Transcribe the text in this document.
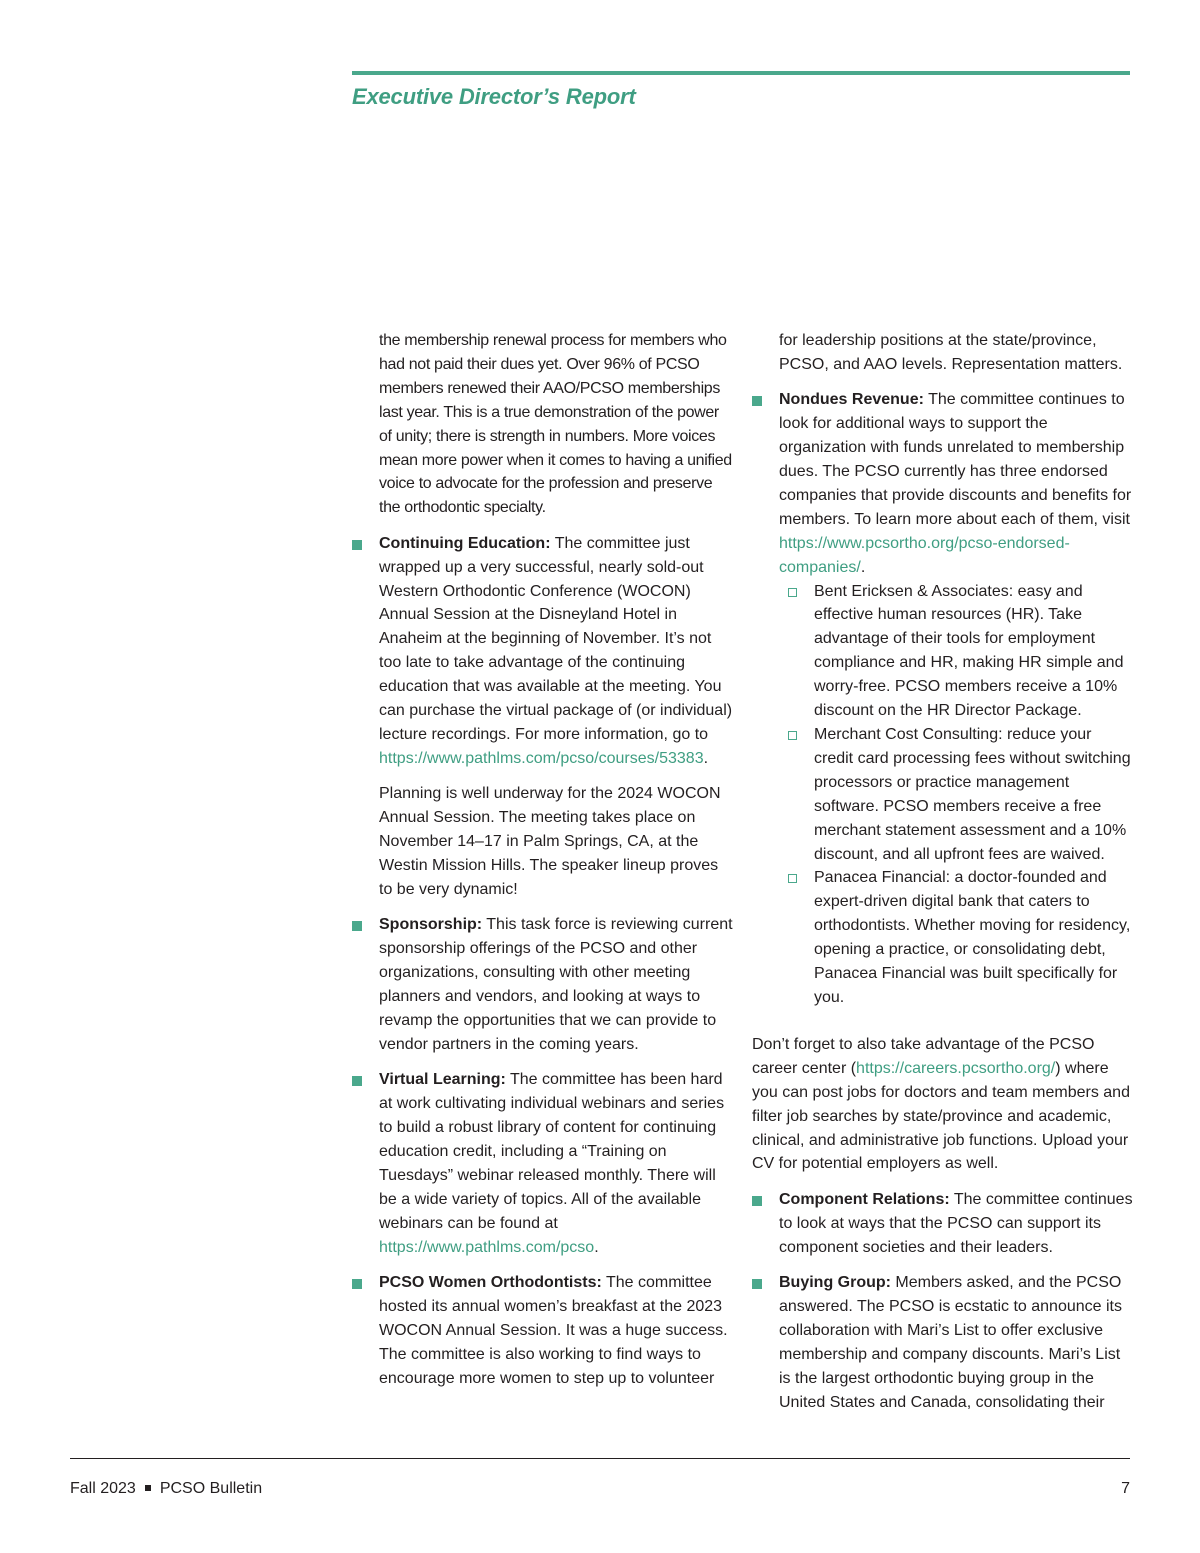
Executive Director’s Report

the membership renewal process for members who had not paid their dues yet. Over 96% of PCSO members renewed their AAO/PCSO memberships last year. This is a true demonstration of the power of unity; there is strength in numbers. More voices mean more power when it comes to having a unified voice to advocate for the profession and preserve the orthodontic specialty.

Continuing Education: The committee just wrapped up a very successful, nearly sold-out Western Orthodontic Conference (WOCON) Annual Session at the Disneyland Hotel in Anaheim at the beginning of November. It’s not too late to take advantage of the continuing education that was available at the meeting. You can purchase the virtual package of (or individual) lecture recordings. For more information, go to https://www.pathlms.com/pcso/courses/53383.
Planning is well underway for the 2024 WOCON Annual Session. The meeting takes place on November 14–17 in Palm Springs, CA, at the Westin Mission Hills. The speaker lineup proves to be very dynamic!
Sponsorship: This task force is reviewing current sponsorship offerings of the PCSO and other organizations, consulting with other meeting planners and vendors, and looking at ways to revamp the opportunities that we can provide to vendor partners in the coming years.
Virtual Learning: The committee has been hard at work cultivating individual webinars and series to build a robust library of content for continuing education credit, including a “Training on Tuesdays” webinar released monthly. There will be a wide variety of topics. All of the available webinars can be found at https://www.pathlms.com/pcso.
PCSO Women Orthodontists: The committee hosted its annual women’s breakfast at the 2023 WOCON Annual Session. It was a huge success. The committee is also working to find ways to encourage more women to step up to volunteer

for leadership positions at the state/province, PCSO, and AAO levels. Representation matters.

Nondues Revenue: The committee continues to look for additional ways to support the organization with funds unrelated to membership dues. The PCSO currently has three endorsed companies that provide discounts and benefits for members. To learn more about each of them, visit https://www.pcsortho.org/pcso-endorsed-companies/.
Bent Ericksen & Associates: easy and effective human resources (HR). Take advantage of their tools for employment compliance and HR, making HR simple and worry-free. PCSO members receive a 10% discount on the HR Director Package.
Merchant Cost Consulting: reduce your credit card processing fees without switching processors or practice management software. PCSO members receive a free merchant statement assessment and a 10% discount, and all upfront fees are waived.
Panacea Financial: a doctor-founded and expert-driven digital bank that caters to orthodontists. Whether moving for residency, opening a practice, or consolidating debt, Panacea Financial was built specifically for you.

Don’t forget to also take advantage of the PCSO career center (https://careers.pcsortho.org/) where you can post jobs for doctors and team members and filter job searches by state/province and academic, clinical, and administrative job functions. Upload your CV for potential employers as well.

Component Relations: The committee continues to look at ways that the PCSO can support its component societies and their leaders.
Buying Group: Members asked, and the PCSO answered. The PCSO is ecstatic to announce its collaboration with Mari’s List to offer exclusive membership and company discounts. Mari’s List is the largest orthodontic buying group in the United States and Canada, consolidating their
Fall 2023 PCSO Bulletin	7
